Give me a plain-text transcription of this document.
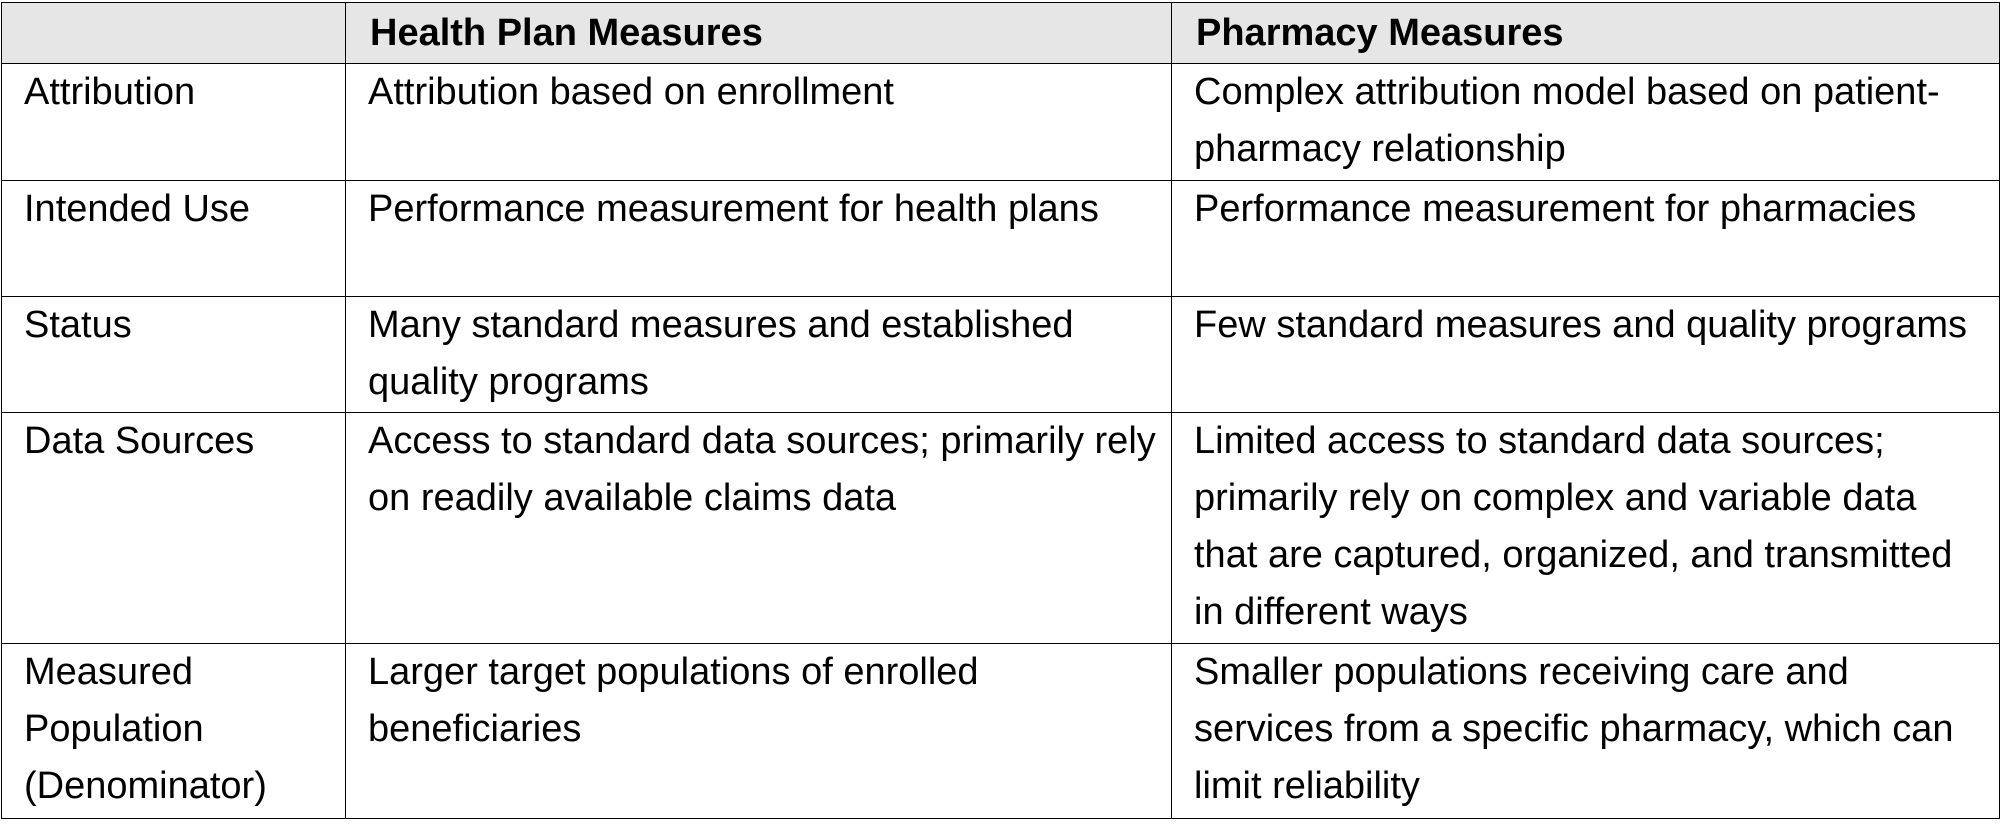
	Health Plan Measures	Pharmacy Measures
Attribution	Attribution based on enrollment	Complex attribution model based on patient-pharmacy relationship
Intended Use	Performance measurement for health plans	Performance measurement for pharmacies
Status	Many standard measures and established quality programs	Few standard measures and quality programs
Data Sources	Access to standard data sources; primarily rely on readily available claims data	Limited access to standard data sources; primarily rely on complex and variable data that are captured, organized, and transmitted in different ways
Measured Population (Denominator)	Larger target populations of enrolled beneficiaries	Smaller populations receiving care and services from a specific pharmacy, which can limit reliability
